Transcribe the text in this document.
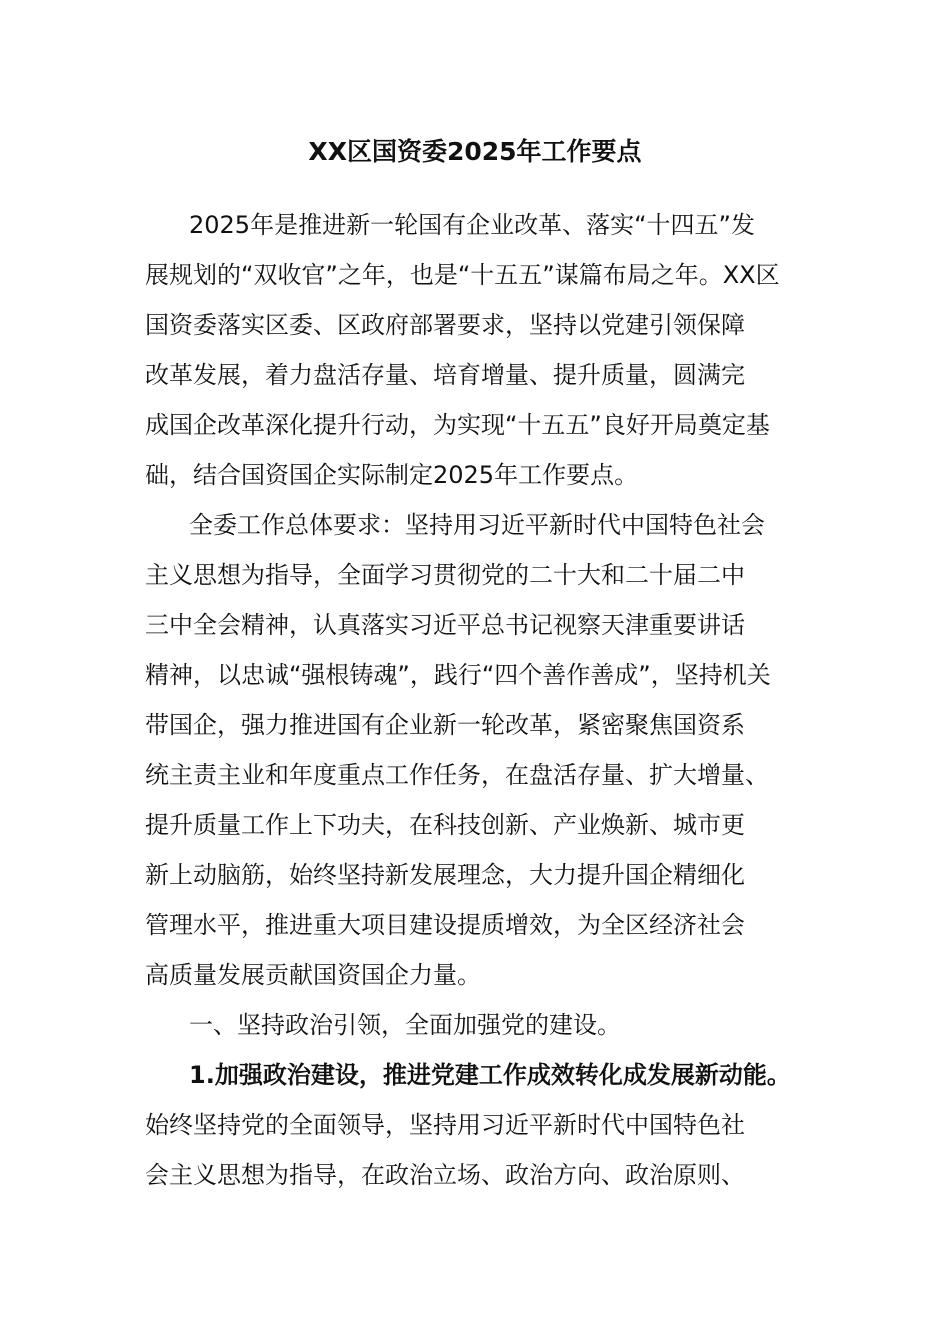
XX区国资委2025年工作要点
2025年是推进新一轮国有企业改革、落实“十四五”发
展规划的“双收官”之年，也是“十五五”谋篇布局之年。XX区
国资委落实区委、区政府部署要求，坚持以党建引领保障
改革发展，着力盘活存量、培育增量、提升质量，圆满完
成国企改革深化提升行动，为实现“十五五”良好开局奠定基
础，结合国资国企实际制定2025年工作要点。
全委工作总体要求：坚持用习近平新时代中国特色社会
主义思想为指导，全面学习贯彻党的二十大和二十届二中
三中全会精神，认真落实习近平总书记视察天津重要讲话
精神，以忠诚“强根铸魂”，践行“四个善作善成”，坚持机关
带国企，强力推进国有企业新一轮改革，紧密聚焦国资系
统主责主业和年度重点工作任务，在盘活存量、扩大增量、
提升质量工作上下功夫，在科技创新、产业焕新、城市更
新上动脑筋，始终坚持新发展理念，大力提升国企精细化
管理水平，推进重大项目建设提质增效，为全区经济社会
高质量发展贡献国资国企力量。
一、坚持政治引领，全面加强党的建设。
1.加强政治建设，推进党建工作成效转化成发展新动能。
始终坚持党的全面领导，坚持用习近平新时代中国特色社
会主义思想为指导，在政治立场、政治方向、政治原则、
